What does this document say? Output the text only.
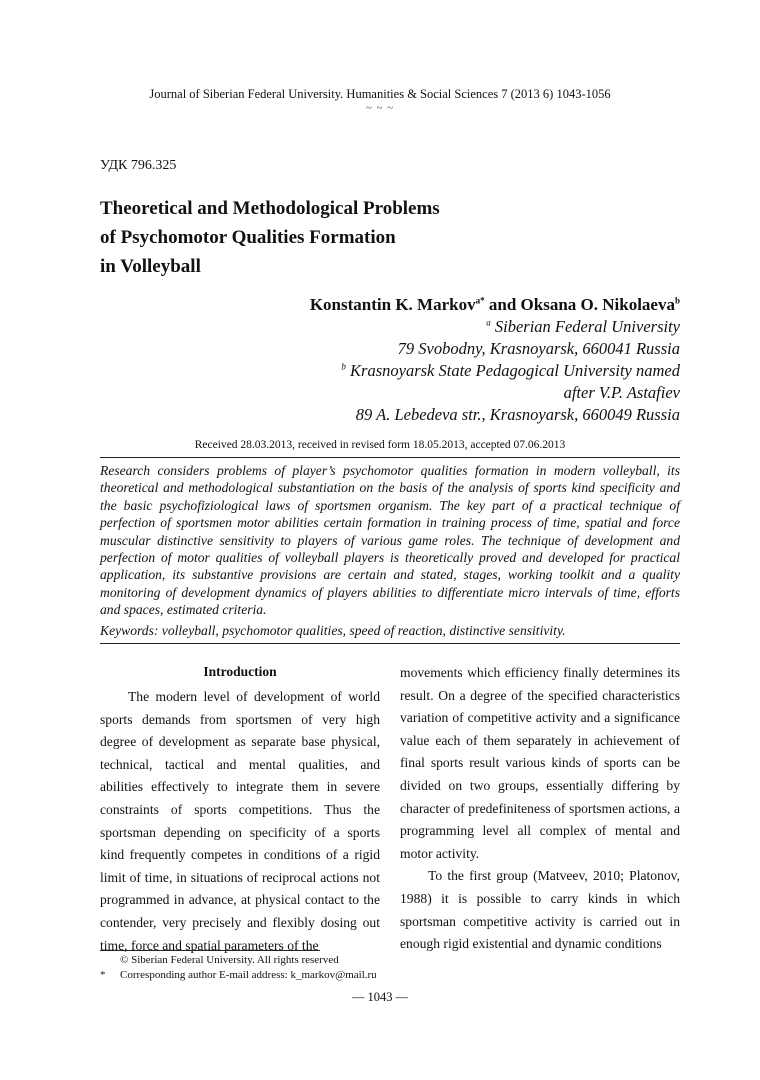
Journal of Siberian Federal University. Humanities & Social Sciences 7 (2013 6) 1043-1056
~ ~ ~
УДК 796.325
Theoretical and Methodological Problems
of Psychomotor Qualities Formation
in Volleyball
Konstantin K. Markov$^{a*}$ and Oksana O. Nikolaeva$^b$
$^a$ Siberian Federal University
79 Svobodny, Krasnoyarsk, 660041 Russia
$^b$ Krasnoyarsk State Pedagogical University named
after V.P. Astafiev
89 A. Lebedeva str., Krasnoyarsk, 660049 Russia
Received 28.03.2013, received in revised form 18.05.2013, accepted 07.06.2013
Research considers problems of player’s psychomotor qualities formation in modern volleyball, its theoretical and methodological substantiation on the basis of the analysis of sports kind specificity and the basic psychofiziological laws of sportsmen organism. The key part of a practical technique of perfection of sportsmen motor abilities certain formation in training process of time, spatial and force muscular distinctive sensitivity to players of various game roles. The technique of development and perfection of motor qualities of volleyball players is theoretically proved and developed for practical application, its substantive provisions are certain and stated, stages, working toolkit and a quality monitoring of development dynamics of players abilities to differentiate micro intervals of time, efforts and spaces, estimated criteria.
Keywords: volleyball, psychomotor qualities, speed of reaction, distinctive sensitivity.
Introduction

The modern level of development of world sports demands from sportsmen of very high degree of development as separate base physical, technical, tactical and mental qualities, and abilities effectively to integrate them in severe constraints of sports competitions. Thus the sportsman depending on specificity of a sports kind frequently competes in conditions of a rigid limit of time, in situations of reciprocal actions not programmed in advance, at physical contact to the contender, very precisely and flexibly dosing out time, force and spatial parameters of the

movements which efficiency finally determines its result. On a degree of the specified characteristics variation of competitive activity and a significance value each of them separately in achievement of final sports result various kinds of sports can be divided on two groups, essentially differing by character of predefiniteness of sportsmen actions, a programming level all complex of mental and motor activity.

To the first group (Matveev, 2010; Platonov, 1988) it is possible to carry kinds in which sportsman competitive activity is carried out in enough rigid existential and dynamic conditions

© Siberian Federal University. All rights reserved
*	Corresponding author E-mail address: k_markov@mail.ru
— 1043 —
